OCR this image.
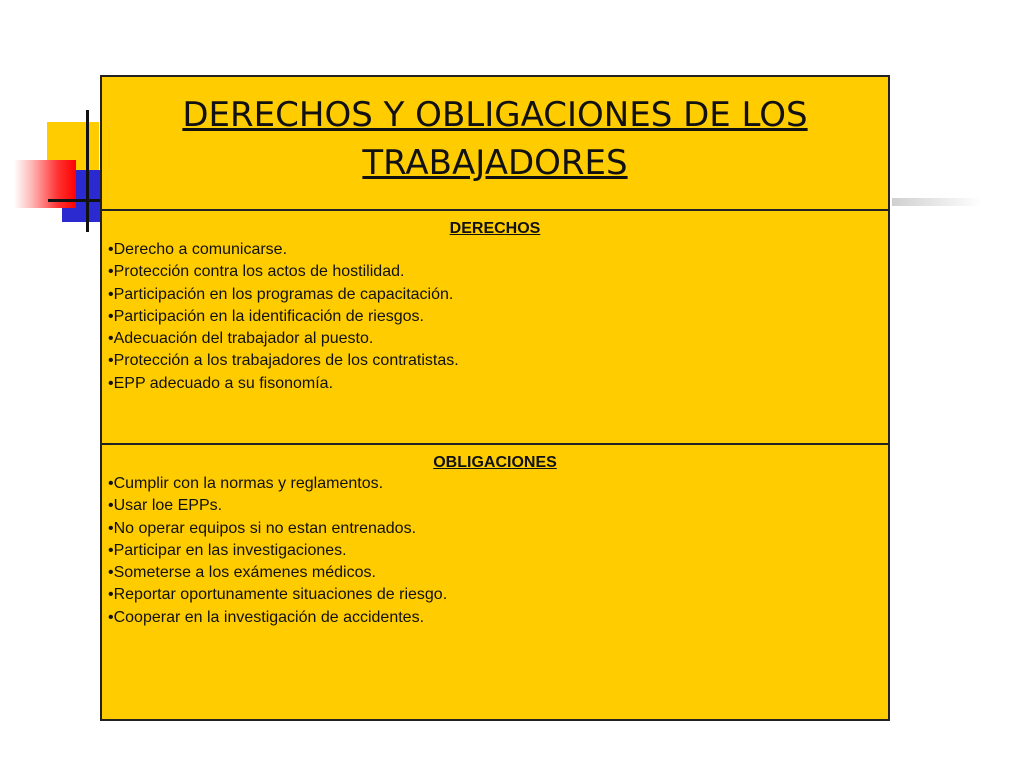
DERECHOS Y OBLIGACIONES DE LOS TRABAJADORES

DERECHOS

•Derecho a comunicarse.
•Protección contra los actos de hostilidad.
•Participación en los programas de capacitación.
•Participación en la identificación de riesgos.
•Adecuación del trabajador al puesto.
•Protección a los trabajadores de los contratistas.
•EPP adecuado a su fisonomía.

OBLIGACIONES

•Cumplir con la normas y reglamentos.
•Usar loe EPPs.
•No operar equipos si no estan entrenados.
•Participar en las investigaciones.
•Someterse a los exámenes médicos.
•Reportar oportunamente situaciones de riesgo.
•Cooperar en la investigación de accidentes.
